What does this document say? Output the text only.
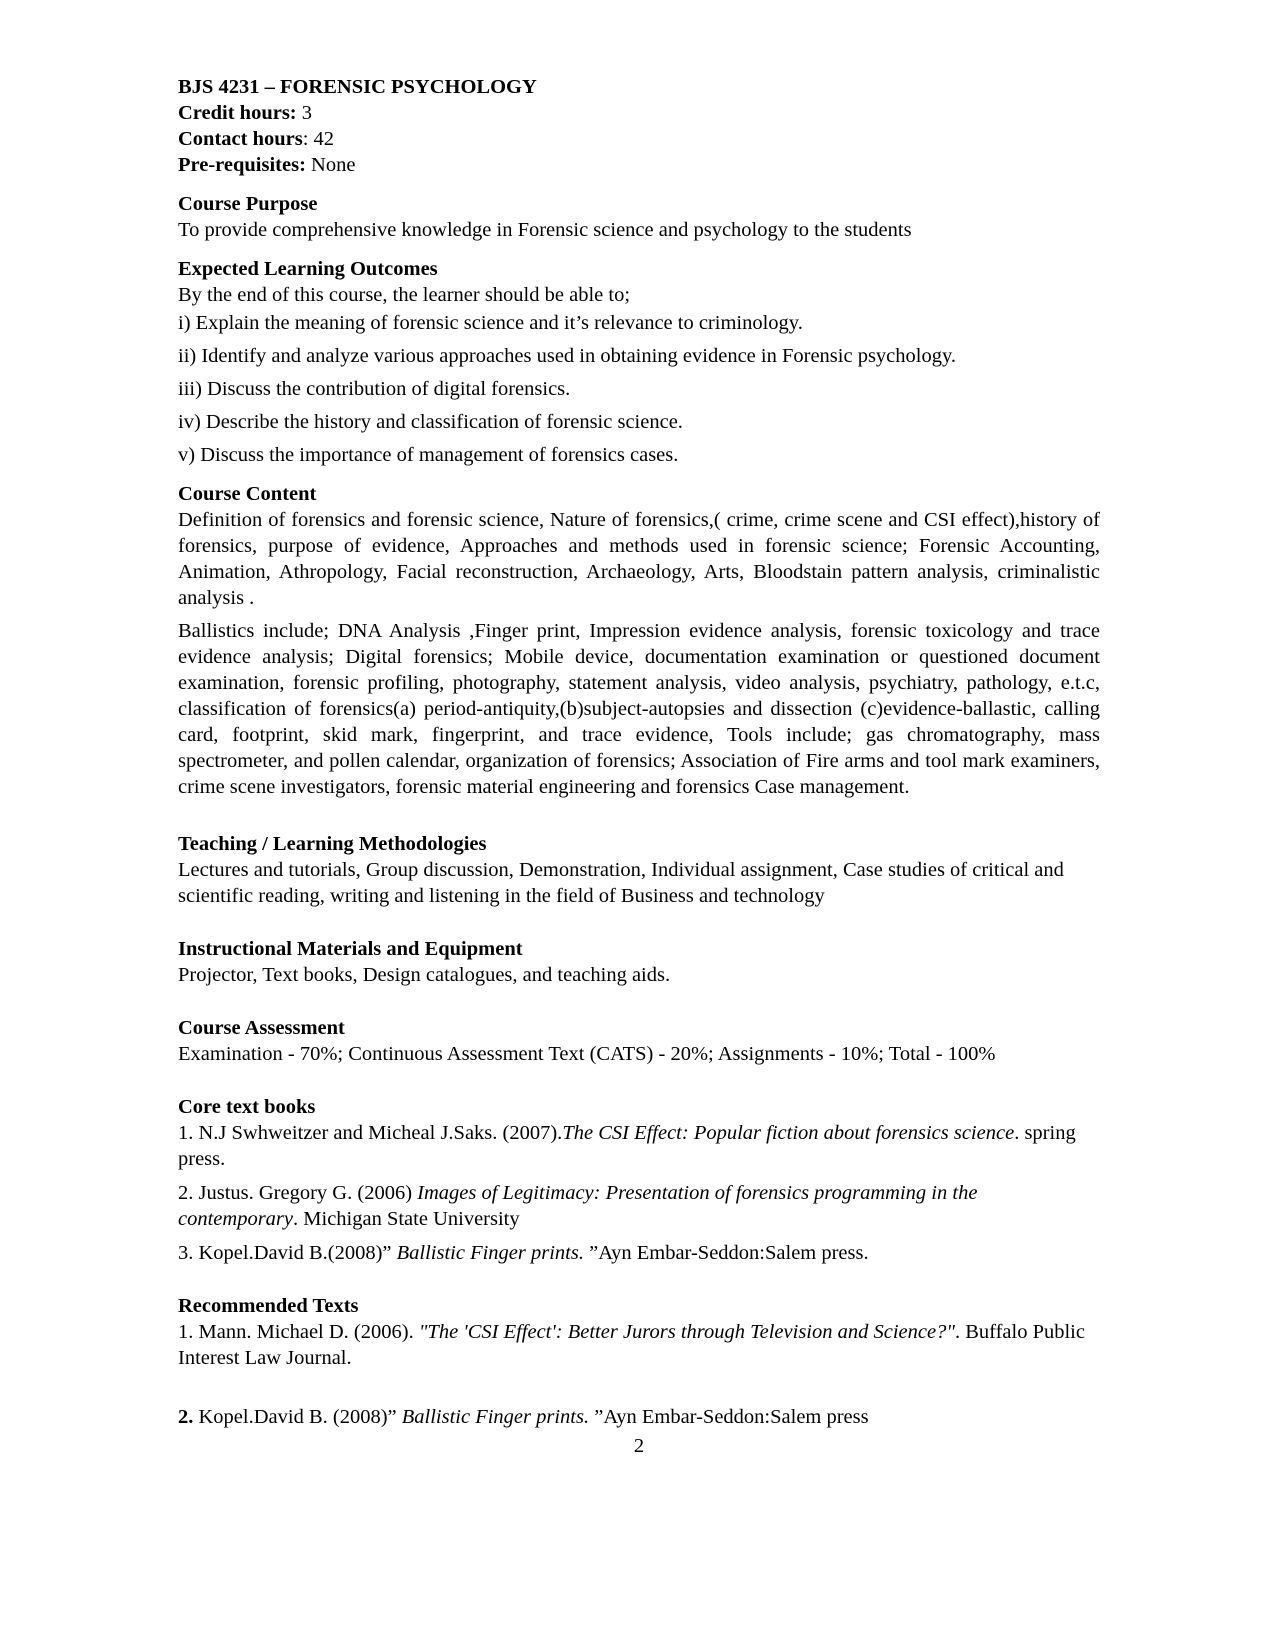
BJS 4231 – FORENSIC PSYCHOLOGY

Credit hours: 3

Contact hours: 42

Pre-requisites: None

Course Purpose

To provide comprehensive knowledge in Forensic science and psychology to the students

Expected Learning Outcomes

By the end of this course, the learner should be able to;

i) Explain the meaning of forensic science and it’s relevance to criminology.

ii) Identify and analyze various approaches used in obtaining evidence in Forensic psychology.

iii) Discuss the contribution of digital forensics.

iv) Describe the history and classification of forensic science.

v) Discuss the importance of management of forensics cases.

Course Content

Definition of forensics and forensic science, Nature of forensics,( crime, crime scene and CSI effect),history of forensics, purpose of evidence, Approaches and methods used in forensic science; Forensic Accounting, Animation, Athropology, Facial reconstruction, Archaeology, Arts, Bloodstain pattern analysis, criminalistic analysis .

Ballistics include; DNA Analysis ,Finger print, Impression evidence analysis, forensic toxicology and trace evidence analysis; Digital forensics; Mobile device, documentation examination or questioned document examination, forensic profiling, photography, statement analysis, video analysis, psychiatry, pathology, e.t.c, classification of forensics(a) period-antiquity,(b)subject-autopsies and dissection (c)evidence-ballastic, calling card, footprint, skid mark, fingerprint, and trace evidence, Tools include; gas chromatography, mass spectrometer, and pollen calendar, organization of forensics; Association of Fire arms and tool mark examiners, crime scene investigators, forensic material engineering and forensics Case management.

Teaching / Learning Methodologies

Lectures and tutorials, Group discussion, Demonstration, Individual assignment, Case studies of critical and scientific reading, writing and listening in the field of Business and technology

Instructional Materials and Equipment

Projector, Text books, Design catalogues, and teaching aids.

Course Assessment

Examination - 70%; Continuous Assessment Text (CATS) - 20%; Assignments - 10%; Total - 100%

Core text books

1. N.J Swhweitzer and Micheal J.Saks. (2007).The CSI Effect: Popular fiction about forensics science. spring press.

2. Justus. Gregory G. (2006) Images of Legitimacy: Presentation of forensics programming in the contemporary. Michigan State University

3. Kopel.David B.(2008)” Ballistic Finger prints. ”Ayn Embar-Seddon:Salem press.

Recommended Texts

1. Mann. Michael D. (2006). "The 'CSI Effect': Better Jurors through Television and Science?". Buffalo Public Interest Law Journal.

2. Kopel.David B. (2008)” Ballistic Finger prints. ”Ayn Embar-Seddon:Salem press

2
